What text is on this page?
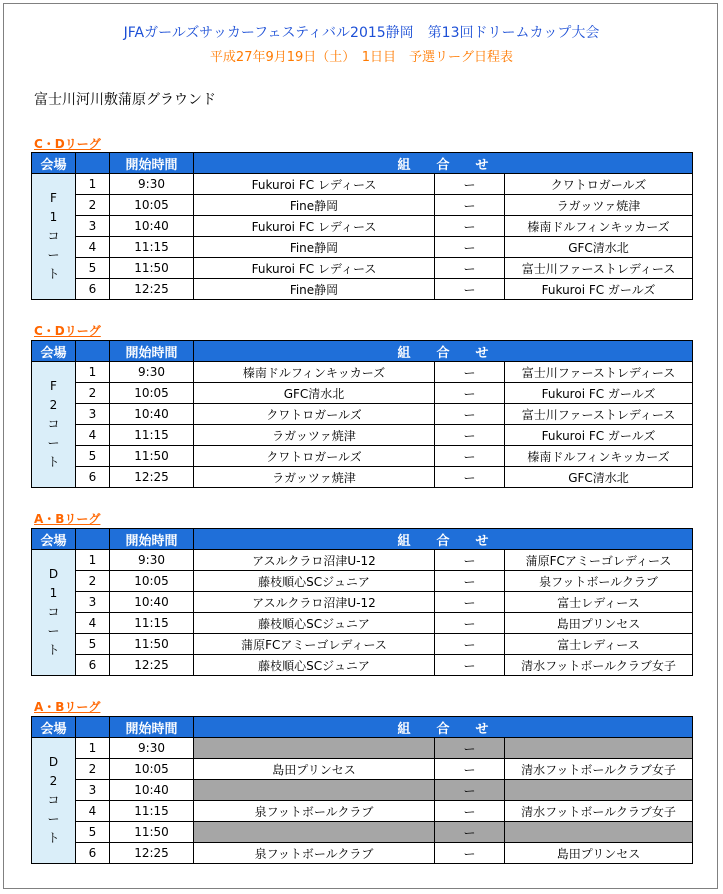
JFAガールズサッカーフェスティバル2015静岡　第13回ドリームカップ大会
平成27年9月19日（土）　1日目　予選リーグ日程表
富士川河川敷蒲原グラウンド
C・Dリーグ
会場		開始時間	組　　合　　せ		

F
1
コ
ー
ト	1	9:30	Fukuroi FC レディース	ー	クワトロガールズ
	2	10:05	Fine静岡	ー	ラガッツァ焼津
	3	10:40	Fukuroi FC レディース	ー	榛南ドルフィンキッカーズ
	4	11:15	Fine静岡	ー	GFC清水北
	5	11:50	Fukuroi FC レディース	ー	富士川ファーストレディース
	6	12:25	Fine静岡	ー	Fukuroi FC ガールズ
C・Dリーグ
会場		開始時間	組　　合　　せ		

F
2
コ
ー
ト	1	9:30	榛南ドルフィンキッカーズ	ー	富士川ファーストレディース
	2	10:05	GFC清水北	ー	Fukuroi FC ガールズ
	3	10:40	クワトロガールズ	ー	富士川ファーストレディース
	4	11:15	ラガッツァ焼津	ー	Fukuroi FC ガールズ
	5	11:50	クワトロガールズ	ー	榛南ドルフィンキッカーズ
	6	12:25	ラガッツァ焼津	ー	GFC清水北
A・Bリーグ
会場		開始時間	組　　合　　せ		

D
1
コ
ー
ト	1	9:30	アスルクラロ沼津U-12	ー	蒲原FCアミーゴレディース
	2	10:05	藤枝順心SCジュニア	ー	泉フットボールクラブ
	3	10:40	アスルクラロ沼津U-12	ー	富士レディース
	4	11:15	藤枝順心SCジュニア	ー	島田プリンセス
	5	11:50	蒲原FCアミーゴレディース	ー	富士レディース
	6	12:25	藤枝順心SCジュニア	ー	清水フットボールクラブ女子
A・Bリーグ
会場		開始時間	組　　合　　せ		

D
2
コ
ー
ト	1	9:30		ー	
	2	10:05	島田プリンセス	ー	清水フットボールクラブ女子
	3	10:40		ー	
	4	11:15	泉フットボールクラブ	ー	清水フットボールクラブ女子
	5	11:50		ー	
	6	12:25	泉フットボールクラブ	ー	島田プリンセス
